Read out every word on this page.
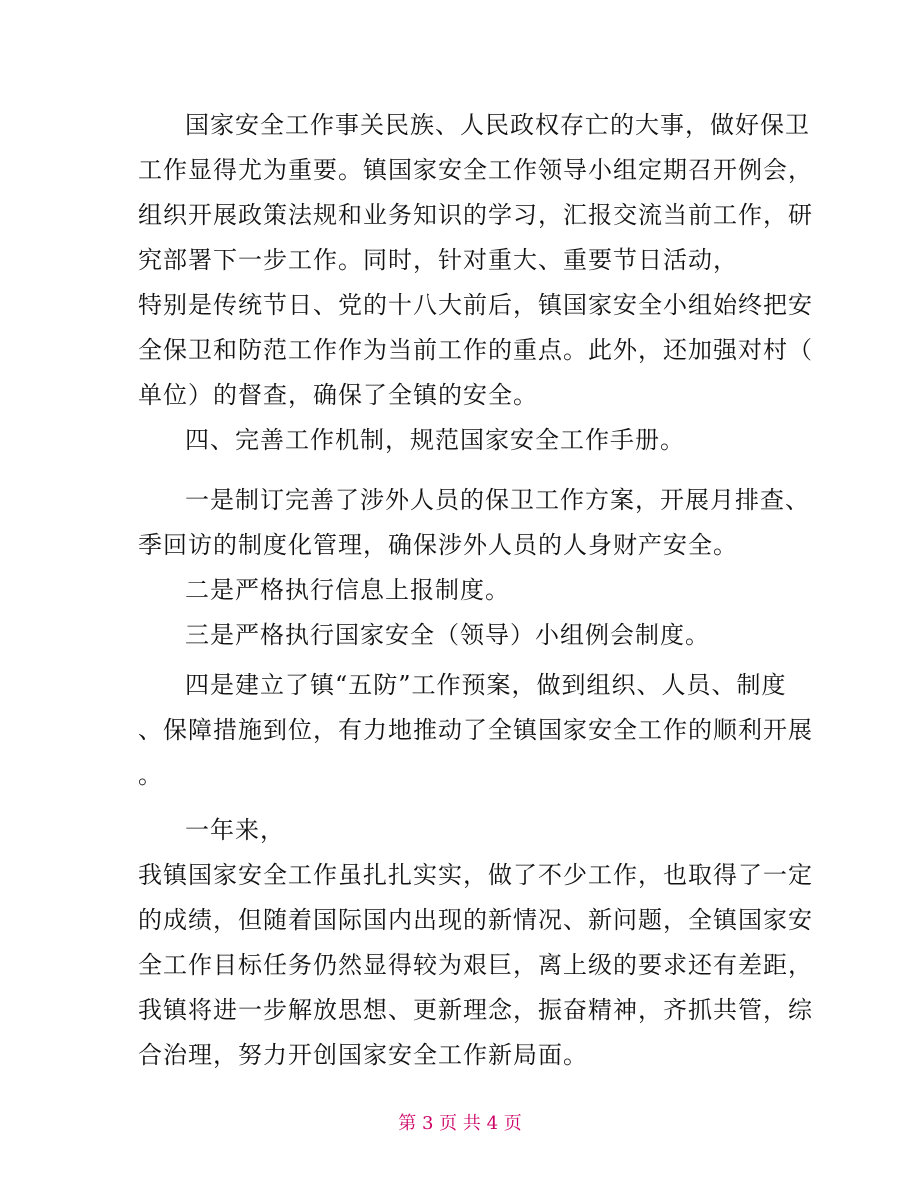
国家安全工作事关民族、人民政权存亡的大事，做好保卫
工作显得尤为重要。镇国家安全工作领导小组定期召开例会，
组织开展政策法规和业务知识的学习，汇报交流当前工作，研
究部署下一步工作。同时，针对重大、重要节日活动，
特别是传统节日、党的十八大前后，镇国家安全小组始终把安
全保卫和防范工作作为当前工作的重点。此外，还加强对村（
单位）的督查，确保了全镇的安全。
四、完善工作机制，规范国家安全工作手册。
一是制订完善了涉外人员的保卫工作方案，开展月排查、
季回访的制度化管理，确保涉外人员的人身财产安全。
二是严格执行信息上报制度。
三是严格执行国家安全（领导）小组例会制度。
四是建立了镇“五防”工作预案，做到组织、人员、制度
、保障措施到位，有力地推动了全镇国家安全工作的顺利开展
。
一年来，
我镇国家安全工作虽扎扎实实，做了不少工作，也取得了一定
的成绩，但随着国际国内出现的新情况、新问题，全镇国家安
全工作目标任务仍然显得较为艰巨，离上级的要求还有差距，
我镇将进一步解放思想、更新理念，振奋精神，齐抓共管，综
合治理，努力开创国家安全工作新局面。
第 3 页 共 4 页
